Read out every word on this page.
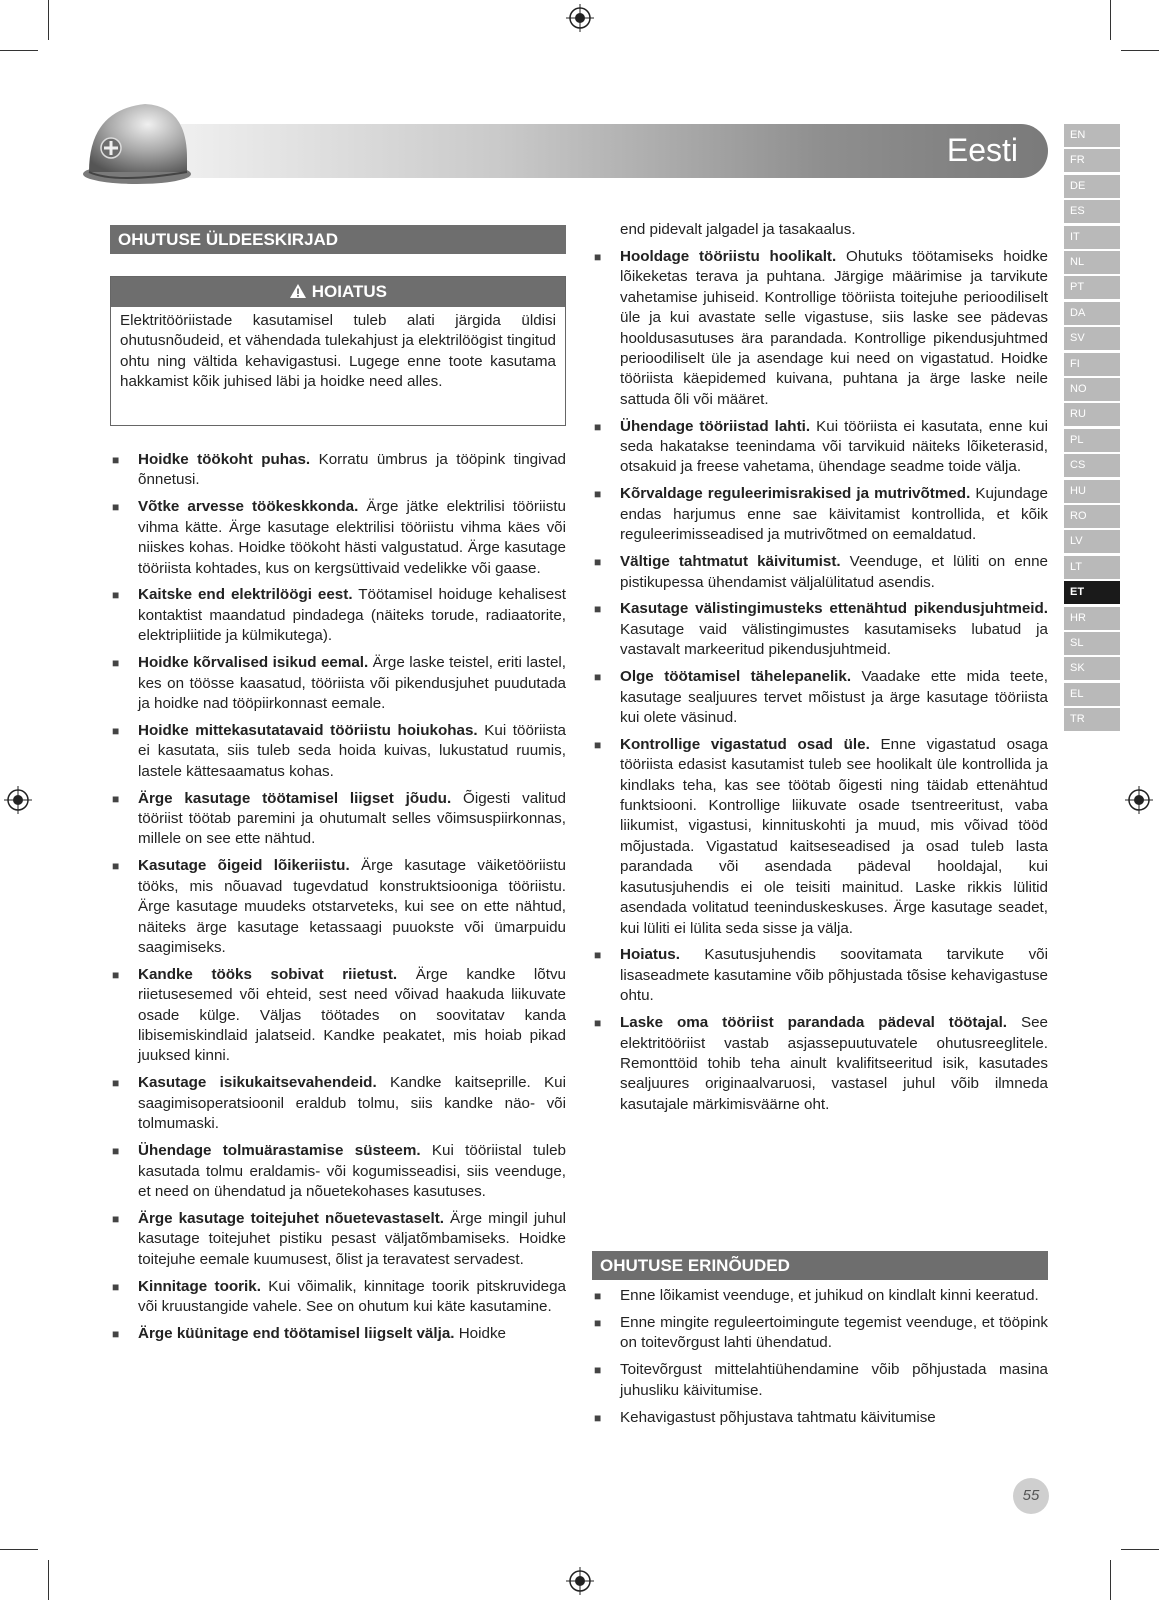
Eesti	EN
FR
DE
ES
IT
NL
PT
DA
SV
FI
NO
RU
PL
CS
HU
RO
LV
LT
ET
HR
SL
SK
EL
TR
OHUTUSE ÜLDEESKIRJAD
HOIATUS
Elektritööriistade kasutamisel tuleb alati järgida üldisi ohutusnõudeid, et vähendada tulekahjust ja elektrilöögist tingitud ohtu ning vältida kehavigastusi. Lugege enne toote kasutama hakkamist kõik juhised läbi ja hoidke need alles.
■ Hoidke töökoht puhas. Korratu ümbrus ja tööpink tingivad õnnetusi.
■ Võtke arvesse töökeskkonda. Ärge jätke elektrilisi tööriistu vihma kätte. Ärge kasutage elektrilisi tööriistu vihma käes või niiskes kohas. Hoidke töökoht hästi valgustatud. Ärge kasutage tööriista kohtades, kus on kergsüttivaid vedelikke või gaase.
■ Kaitske end elektrilöögi eest. Töötamisel hoiduge kehalisest kontaktist maandatud pindadega (näiteks torude, radiaatorite, elektripliitide ja külmikutega).
■ Hoidke kõrvalised isikud eemal. Ärge laske teistel, eriti lastel, kes on töösse kaasatud, tööriista või pikendusjuhet puudutada ja hoidke nad tööpiirkonnast eemale.
■ Hoidke mittekasutatavaid tööriistu hoiukohas. Kui tööriista ei kasutata, siis tuleb seda hoida kuivas, lukustatud ruumis, lastele kättesaamatus kohas.
■ Ärge kasutage töötamisel liigset jõudu. Õigesti valitud tööriist töötab paremini ja ohutumalt selles võimsuspiirkonnas, millele on see ette nähtud.
■ Kasutage õigeid lõikeriistu. Ärge kasutage väiketööriistu tööks, mis nõuavad tugevdatud konstruktsiooniga tööriistu. Ärge kasutage muudeks otstarveteks, kui see on ette nähtud, näiteks ärge kasutage ketassaagi puuokste või ümarpuidu saagimiseks.
■ Kandke tööks sobivat riietust. Ärge kandke lõtvu riietusesemed või ehteid, sest need võivad haakuda liikuvate osade külge. Väljas töötades on soovitatav kanda libisemiskindlaid jalatseid. Kandke peakatet, mis hoiab pikad juuksed kinni.
■ Kasutage isikukaitsevahendeid. Kandke kaitseprille. Kui saagimisoperatsioonil eraldub tolmu, siis kandke näo- või tolmumaski.
■ Ühendage tolmuärastamise süsteem. Kui tööriistal tuleb kasutada tolmu eraldamis- või kogumisseadisi, siis veenduge, et need on ühendatud ja nõuetekohases kasutuses.
■ Ärge kasutage toitejuhet nõuetevastaselt. Ärge mingil juhul kasutage toitejuhet pistiku pesast väljatõmbamiseks. Hoidke toitejuhe eemale kuumusest, õlist ja teravatest servadest.
■ Kinnitage toorik. Kui võimalik, kinnitage toorik pitskruvidega või kruustangide vahele. See on ohutum kui käte kasutamine.
■ Ärge küünitage end töötamisel liigselt välja. Hoidke
end pidevalt jalgadel ja tasakaalus.
■ Hooldage tööriistu hoolikalt. Ohutuks töötamiseks hoidke lõikeketas terava ja puhtana. Järgige määrimise ja tarvikute vahetamise juhiseid. Kontrollige tööriista toitejuhe perioodiliselt üle ja kui avastate selle vigastuse, siis laske see pädevas hooldusasutuses ära parandada. Kontrollige pikendusjuhtmed perioodiliselt üle ja asendage kui need on vigastatud. Hoidke tööriista käepidemed kuivana, puhtana ja ärge laske neile sattuda õli või määret.
■ Ühendage tööriistad lahti. Kui tööriista ei kasutata, enne kui seda hakatakse teenindama või tarvikuid näiteks lõiketerasid, otsakuid ja freese vahetama, ühendage seadme toide välja.
■ Kõrvaldage reguleerimisrakised ja mutrivõtmed. Kujundage endas harjumus enne sae käivitamist kontrollida, et kõik reguleerimisseadised ja mutrivõtmed on eemaldatud.
■ Vältige tahtmatut käivitumist. Veenduge, et lüliti on enne pistikupessa ühendamist väljalülitatud asendis.
■ Kasutage välistingimusteks ettenähtud pikendusjuhtmeid. Kasutage vaid välistingimustes kasutamiseks lubatud ja vastavalt markeeritud pikendusjuhtmeid.
■ Olge töötamisel tähelepanelik. Vaadake ette mida teete, kasutage sealjuures tervet mõistust ja ärge kasutage tööriista kui olete väsinud.
■ Kontrollige vigastatud osad üle. Enne vigastatud osaga tööriista edasist kasutamist tuleb see hoolikalt üle kontrollida ja kindlaks teha, kas see töötab õigesti ning täidab ettenähtud funktsiooni. Kontrollige liikuvate osade tsentreeritust, vaba liikumist, vigastusi, kinnituskohti ja muud, mis võivad tööd mõjustada. Vigastatud kaitseseadised ja osad tuleb lasta parandada või asendada pädeval hooldajal, kui kasutusjuhendis ei ole teisiti mainitud. Laske rikkis lülitid asendada volitatud teeninduskeskuses. Ärge kasutage seadet, kui lüliti ei lülita seda sisse ja välja.
■ Hoiatus. Kasutusjuhendis soovitamata tarvikute või lisaseadmete kasutamine võib põhjustada tõsise kehavigastuse ohtu.
■ Laske oma tööriist parandada pädeval töötajal. See elektritööriist vastab asjassepuutuvatele ohutusreeglitele. Remonttöid tohib teha ainult kvalifitseeritud isik, kasutades sealjuures originaalvaruosi, vastasel juhul võib ilmneda kasutajale märkimisväärne oht.
OHUTUSE ERINÕUDED
■ Enne lõikamist veenduge, et juhikud on kindlalt kinni keeratud.
■ Enne mingite reguleertoimingute tegemist veenduge, et tööpink on toitevõrgust lahti ühendatud.
■ Toitevõrgust mittelahtiühendamine võib põhjustada masina juhusliku käivitumise.
■ Kehavigastust põhjustava tahtmatu käivitumise
55
